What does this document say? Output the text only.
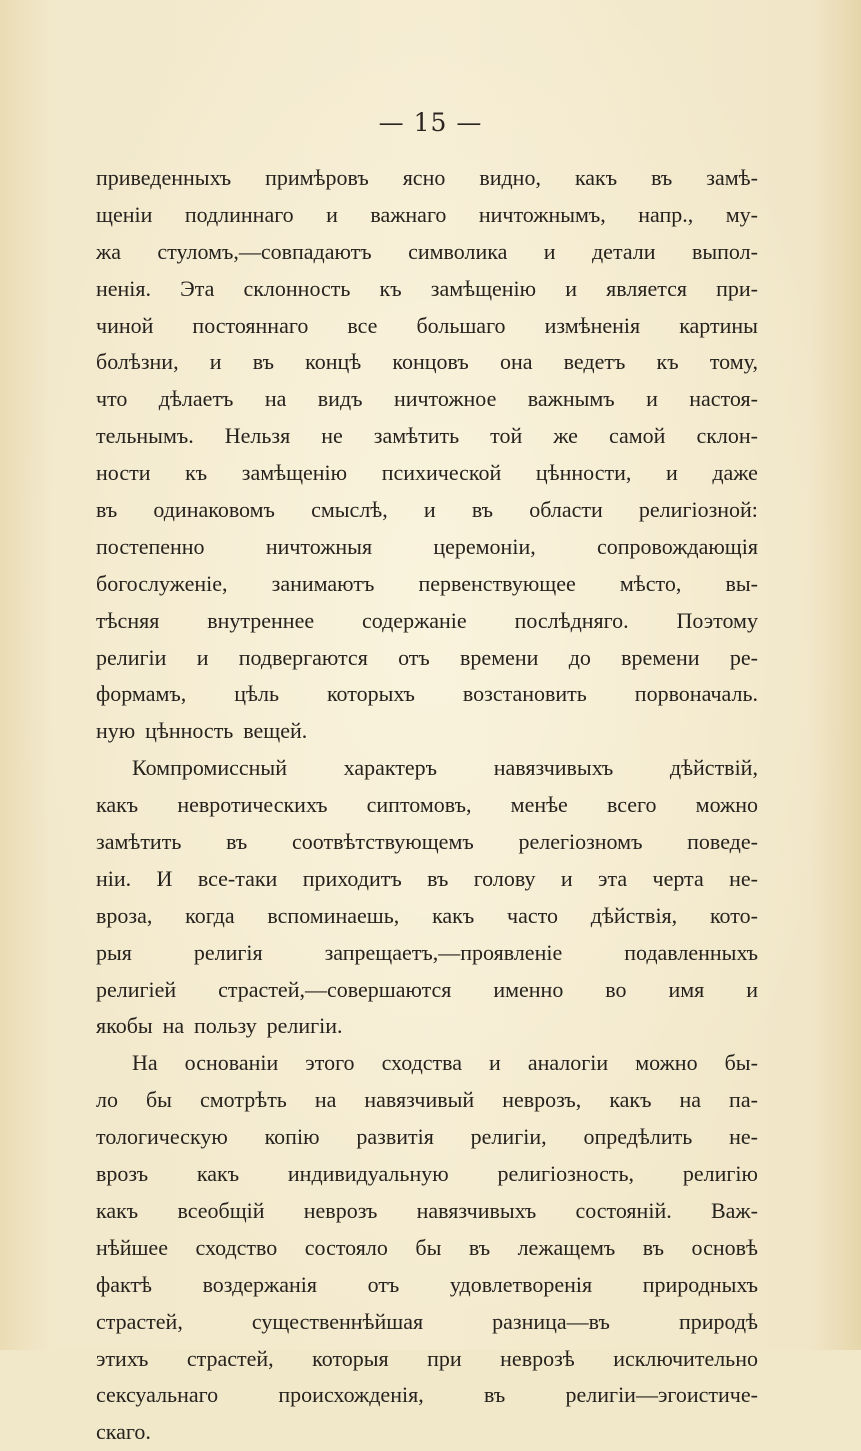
— 15 —
приведенныхъ примѣровъ ясно видно, какъ въ замѣ-
щенiи подлиннаго и важнаго ничтожнымъ, напр., му-
жа стуломъ,—совпадаютъ символика и детали выпол-
ненiя. Эта склонность къ замѣщенiю и является при-
чиной постояннаго все большаго измѣненiя картины
болѣзни, и въ концѣ концовъ она ведетъ къ тому,
что дѣлаетъ на видъ ничтожное важнымъ и настоя-
тельнымъ. Нельзя не замѣтить той же самой склон-
ности къ замѣщенiю психической цѣнности, и даже
въ одинаковомъ смыслѣ, и въ области религiозной:
постепенно	ничтожныя	церемонiи,	сопровождающiя
богослуженiе, занимаютъ первенствующее мѣсто, вы-
тѣсняя внутреннее содержанiе послѣдняго. Поэтому
религiи и подвергаются отъ времени до времени ре-
формамъ, цѣль которыхъ возстановить порвоначаль.
ную цѣнность вещей.
Компромиссный	характеръ	навязчивыхъ	дѣйствiй,
какъ невротическихъ сиптомовъ, менѣе всего можно
замѣтить въ соотвѣтствующемъ релегiозномъ поведе-
нiи. И все-таки приходитъ въ голову и эта черта не-
вроза, когда вспоминаешь, какъ часто дѣйствiя, кото-
рыя	религiя	запрещаетъ,—проявленiе	подавленныхъ
религiей страстей,—совершаются именно во имя и
якобы на пользу религiи.
На основанiи этого сходства и аналогiи можно бы-
ло бы смотрѣть на навязчивый неврозъ, какъ на па-
тологическую копiю развитiя религiи, опредѣлить не-
врозъ какъ индивидуальную религiозность, религiю
какъ всеобщiй неврозъ навязчивыхъ состоянiй. Важ-
нѣйшее сходство состояло бы въ лежащемъ въ основѣ
фактѣ воздержанiя отъ удовлетворенiя природныхъ
страстей,	существеннѣйшая	разница—въ	природѣ
этихъ страстей, которыя при неврозѣ исключительно
сексуальнаго	происхожденiя,	въ	религiи—эгоистиче-
скаго.
